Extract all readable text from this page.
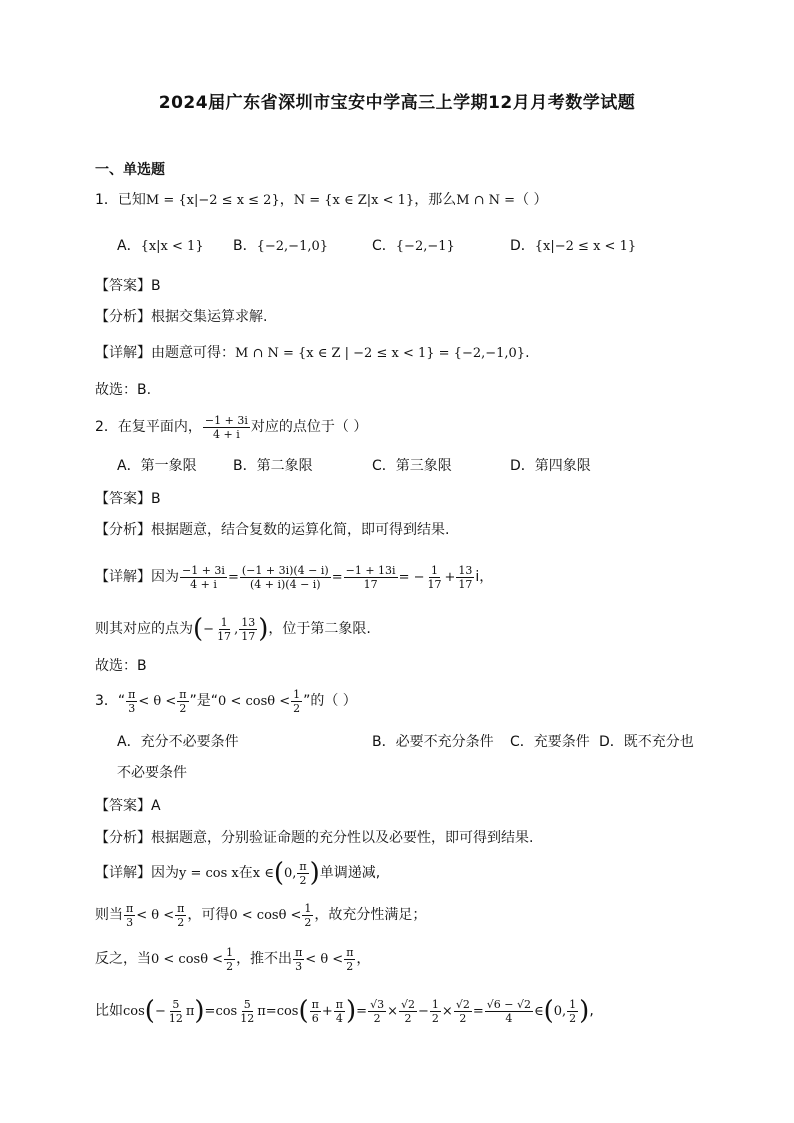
2024届广东省深圳市宝安中学高三上学期12月月考数学试题
一、单选题
1．已知M = {x|−2 ≤ x ≤ 2}，N = {x ∈ Z|x < 1}，那么M ∩ N =（ ）
A．{x|x < 1} B．{−2,−1,0}	C．{−2,−1}	D．{x|−2 ≤ x < 1}
【答案】B
【分析】根据交集运算求解.
【详解】由题意可得：M ∩ N = {x ∈ Z | −2 ≤ x < 1} = {−2,−1,0}.
故选：B.
2．在复平面内， $\frac{-1 + 3i}{4 + i}$ 对应的点位于（ ）
A．第一象限	B．第二象限	C．第三象限	D．第四象限
【答案】B
【分析】根据题意，结合复数的运算化简，即可得到结果.
【详解】因为 $\frac{-1 + 3i}{4 + i} = \frac{(-1 + 3i)(4 - i)}{(4 + i)(4 - i)} = \frac{-1 + 13i}{17}$ = − $\frac{1}{17} + \frac{13}{17}$ i，
则其对应的点为(− $\frac{1}{17}$ , $\frac{13}{17}$ )，位于第二象限.
故选：B
3．“ $\frac{\pi}{3} < \theta < \frac{\pi}{2}$ ”是“$0 < \cos\theta < \frac{1}{2}$ ”的（ ）
A．充分不必要条件	B．必要不充分条件 C．充要条件 D．既不充分也
不必要条件
【答案】A
【分析】根据题意，分别验证命题的充分性以及必要性，即可得到结果.
【详解】因为y = cos x在x ∈(0, $\frac{\pi}{2}$ )单调递减,
则当 $\frac{\pi}{3} < \theta < \frac{\pi}{2}$ ，可得$0 < \cos\theta < \frac{1}{2}$ ，故充分性满足；
反之，当$0 < \cos\theta < \frac{1}{2}$ ，推不出 $\frac{\pi}{3} < \theta < \frac{\pi}{2}$ ，
比如$\cos(- \frac{5}{12} \pi)=\cos \frac{5}{12} \pi=\cos( \frac{\pi}{6} + \frac{\pi}{4}$ )= $\frac{√3}{2} \times \frac{√2}{2} - \frac{1}{2} \times \frac{√2}{2} = \frac{√6 - √2}{4}$ ∈(0, $\frac{1}{2}$ ),
